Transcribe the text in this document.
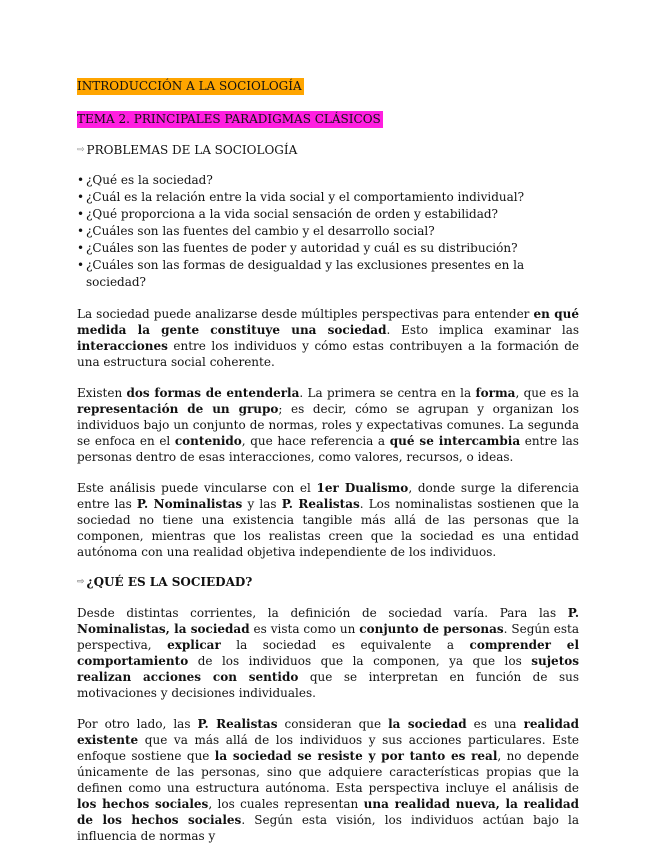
INTRODUCCIÓN A LA SOCIOLOGÍA
TEMA 2. PRINCIPALES PARADIGMAS CLÁSICOS
⇨ PROBLEMAS DE LA SOCIOLOGÍA
• ¿Qué es la sociedad?
• ¿Cuál es la relación entre la vida social y el comportamiento individual?
• ¿Qué proporciona a la vida social sensación de orden y estabilidad?
• ¿Cuáles son las fuentes del cambio y el desarrollo social?
• ¿Cuáles son las fuentes de poder y autoridad y cuál es su distribución?
• ¿Cuáles son las formas de desigualdad y las exclusiones presentes en la sociedad?

La sociedad puede analizarse desde múltiples perspectivas para entender en qué medida la gente constituye una sociedad. Esto implica examinar las interacciones entre los individuos y cómo estas contribuyen a la formación de una estructura social coherente.

Existen dos formas de entenderla. La primera se centra en la forma, que es la representación de un grupo; es decir, cómo se agrupan y organizan los individuos bajo un conjunto de normas, roles y expectativas comunes. La segunda se enfoca en el contenido, que hace referencia a qué se intercambia entre las personas dentro de esas interacciones, como valores, recursos, o ideas.

Este análisis puede vincularse con el 1er Dualismo, donde surge la diferencia entre las P. Nominalistas y las P. Realistas. Los nominalistas sostienen que la sociedad no tiene una existencia tangible más allá de las personas que la componen, mientras que los realistas creen que la sociedad es una entidad autónoma con una realidad objetiva independiente de los individuos.

⇨ ¿QUÉ ES LA SOCIEDAD?

Desde distintas corrientes, la definición de sociedad varía. Para las P. Nominalistas, la sociedad es vista como un conjunto de personas. Según esta perspectiva, explicar la sociedad es equivalente a comprender el comportamiento de los individuos que la componen, ya que los sujetos realizan acciones con sentido que se interpretan en función de sus motivaciones y decisiones individuales.

Por otro lado, las P. Realistas consideran que la sociedad es una realidad existente que va más allá de los individuos y sus acciones particulares. Este enfoque sostiene que la sociedad se resiste y por tanto es real, no depende únicamente de las personas, sino que adquiere características propias que la definen como una estructura autónoma. Esta perspectiva incluye el análisis de los hechos sociales, los cuales representan una realidad nueva, la realidad de los hechos sociales. Según esta visión, los individuos actúan bajo la influencia de normas y
